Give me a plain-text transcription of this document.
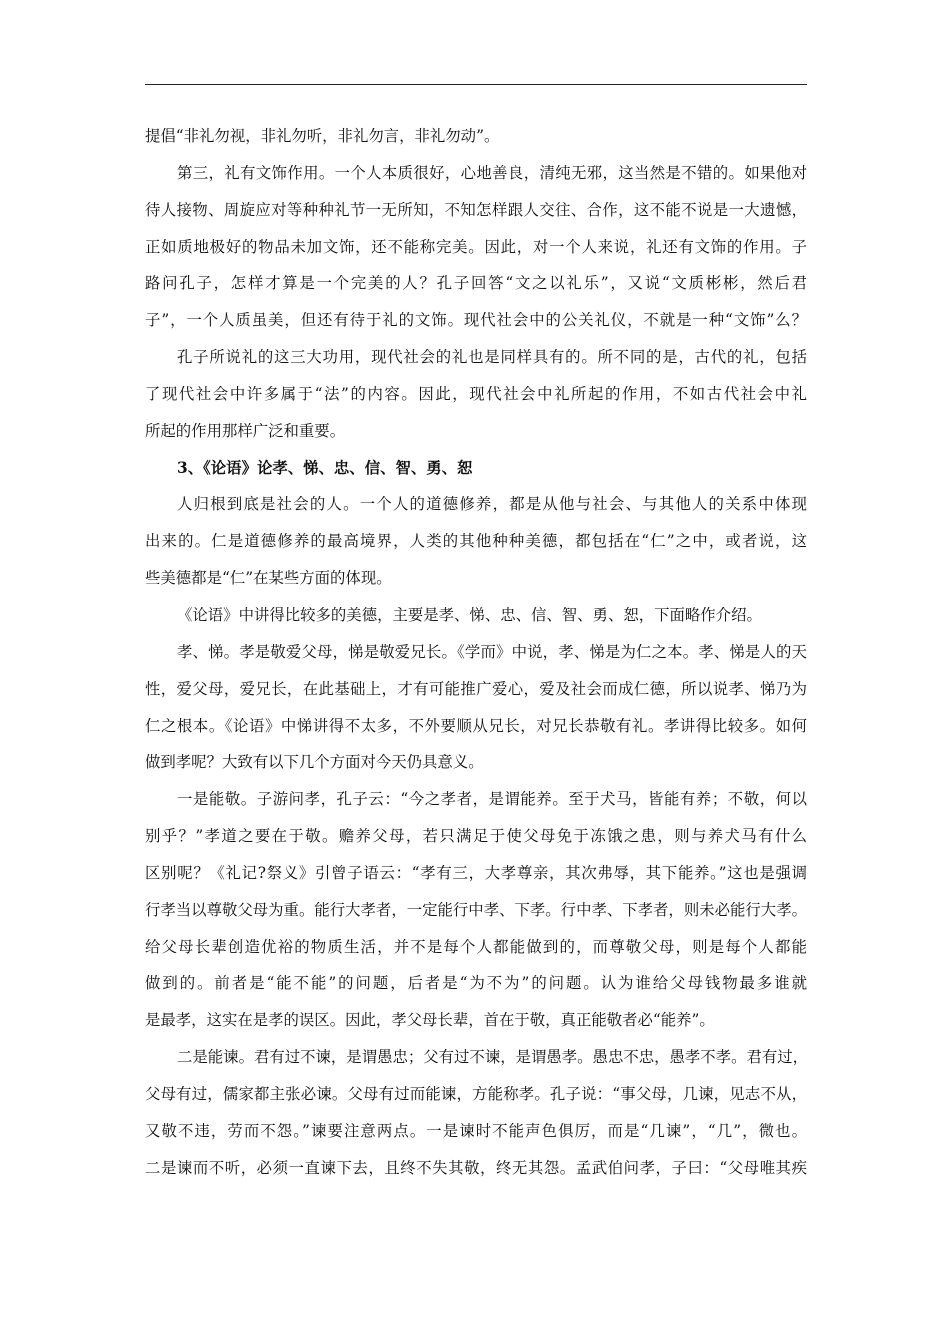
提倡“非礼勿视，非礼勿听，非礼勿言，非礼勿动”。
第三，礼有文饰作用。一个人本质很好，心地善良，清纯无邪，这当然是不错的。如果他对
待人接物、周旋应对等种种礼节一无所知，不知怎样跟人交往、合作，这不能不说是一大遗憾，
正如质地极好的物品未加文饰，还不能称完美。因此，对一个人来说，礼还有文饰的作用。子
路问孔子，怎样才算是一个完美的人？孔子回答“文之以礼乐”，又说“文质彬彬，然后君
子”，一个人质虽美，但还有待于礼的文饰。现代社会中的公关礼仪，不就是一种“文饰”么？
孔子所说礼的这三大功用，现代社会的礼也是同样具有的。所不同的是，古代的礼，包括
了现代社会中许多属于“法”的内容。因此，现代社会中礼所起的作用，不如古代社会中礼
所起的作用那样广泛和重要。
3、《论语》论孝、悌、忠、信、智、勇、恕
人归根到底是社会的人。一个人的道德修养，都是从他与社会、与其他人的关系中体现
出来的。仁是道德修养的最高境界，人类的其他种种美德，都包括在“仁”之中，或者说，这
些美德都是“仁”在某些方面的体现。
《论语》中讲得比较多的美德，主要是孝、悌、忠、信、智、勇、恕，下面略作介绍。
孝、悌。孝是敬爱父母，悌是敬爱兄长。《学而》中说，孝、悌是为仁之本。孝、悌是人的天
性，爱父母，爱兄长，在此基础上，才有可能推广爱心，爱及社会而成仁德，所以说孝、悌乃为
仁之根本。《论语》中悌讲得不太多，不外要顺从兄长，对兄长恭敬有礼。孝讲得比较多。如何
做到孝呢？大致有以下几个方面对今天仍具意义。
一是能敬。子游问孝，孔子云：“今之孝者，是谓能养。至于犬马，皆能有养；不敬，何以
别乎？”孝道之要在于敬。赡养父母，若只满足于使父母免于冻饿之患，则与养犬马有什么
区别呢？《礼记?祭义》引曾子语云：“孝有三，大孝尊亲，其次弗辱，其下能养。”这也是强调
行孝当以尊敬父母为重。能行大孝者，一定能行中孝、下孝。行中孝、下孝者，则未必能行大孝。
给父母长辈创造优裕的物质生活，并不是每个人都能做到的，而尊敬父母，则是每个人都能
做到的。前者是“能不能”的问题，后者是“为不为”的问题。认为谁给父母钱物最多谁就
是最孝，这实在是孝的误区。因此，孝父母长辈，首在于敬，真正能敬者必“能养”。
二是能谏。君有过不谏，是谓愚忠；父有过不谏，是谓愚孝。愚忠不忠，愚孝不孝。君有过，
父母有过，儒家都主张必谏。父母有过而能谏，方能称孝。孔子说：“事父母，几谏，见志不从，
又敬不违，劳而不怨。”谏要注意两点。一是谏时不能声色俱厉，而是“几谏”，“几”，微也。
二是谏而不听，必须一直谏下去，且终不失其敬，终无其怨。孟武伯问孝，子曰：“父母唯其疾
